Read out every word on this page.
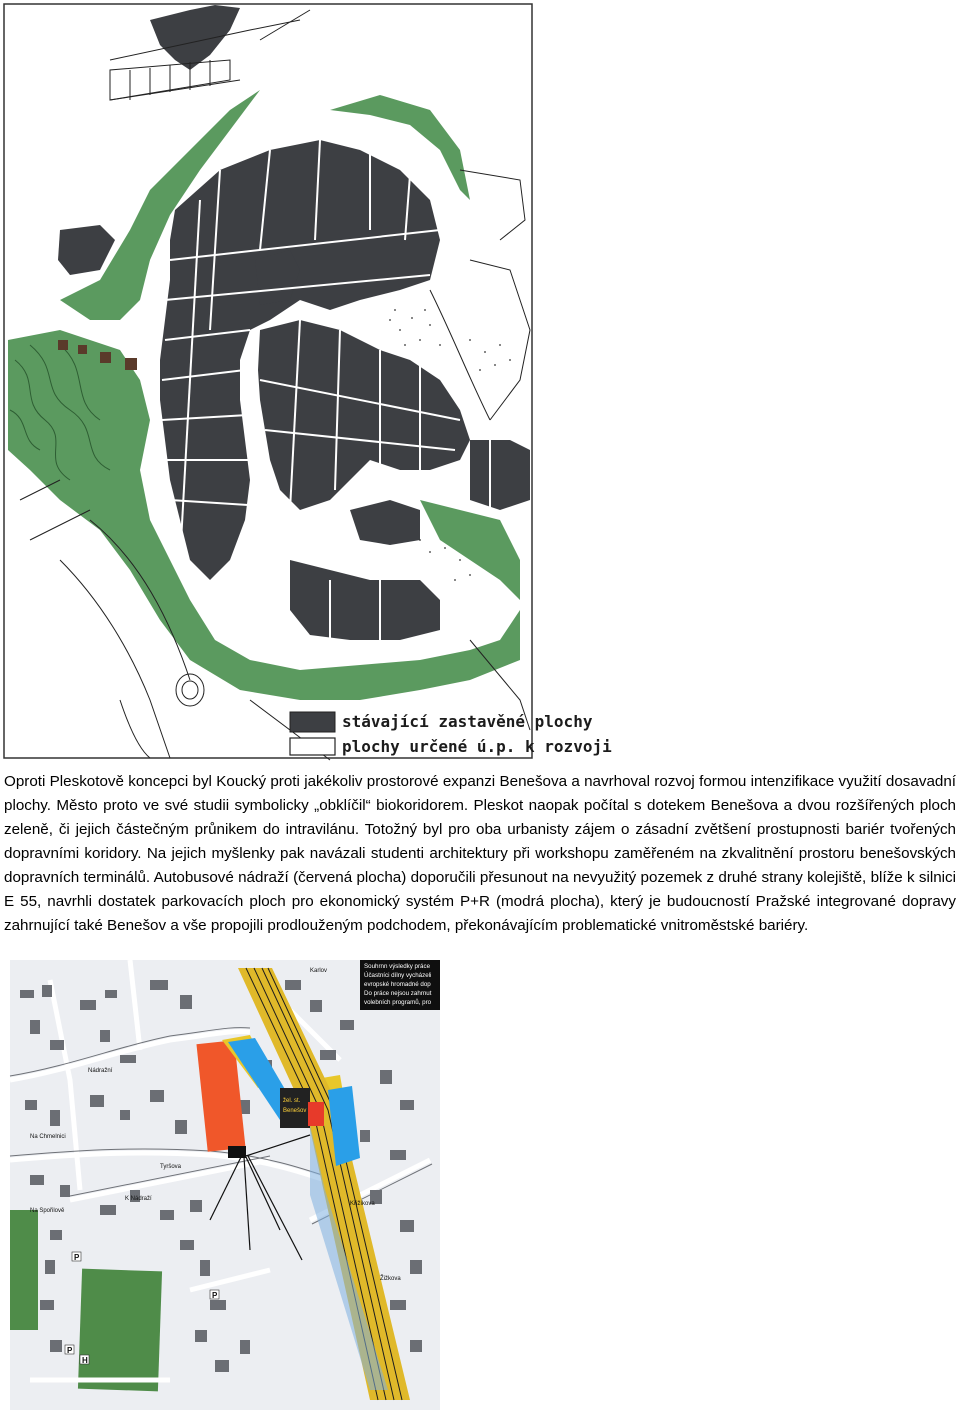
stávající zastavěné plochy
plochy určené ú.p. k rozvoji

Oproti Pleskotově koncepci byl Koucký proti jakékoliv prostorové expanzi Benešova a navrhoval rozvoj formou intenzifikace využití dosavadní plochy. Město proto ve své studii symbolicky „obklíčil“ biokoridorem. Pleskot naopak počítal s dotekem Benešova a dvou rozšířených ploch zeleně, či jejich částečným průnikem do intravilánu. Totožný byl pro oba urbanisty zájem o zásadní zvětšení prostupnosti bariér tvořených dopravními koridory. Na jejich myšlenky pak navázali studenti architektury při workshopu zaměřeném na zkvalitnění prostoru benešovských dopravních terminálů. Autobusové nádraží (červená plocha) doporučili přesunout na nevyužitý pozemek z druhé strany kolejiště, blíže k silnici E 55, navrhli dostatek parkovacích ploch pro ekonomický systém P+R (modrá plocha), který je budoucností Pražské integrované dopravy zahrnující také Benešov a vše propojili prodlouženým podchodem, překonávajícím problematické vnitroměstské bariéry.

žel. st.
Benešov
Souhrnn výsledky práce
Účastníci dílny vycházeli
evropské hromadné dop
Do práce nejsou zahrnut
volebních programů, pro
Nádražní
Na Chmelnici
Tyršova
Na Spořilově
K Nádraží
Křižíkova
Žižkova
Karlov
P
P
P
H
